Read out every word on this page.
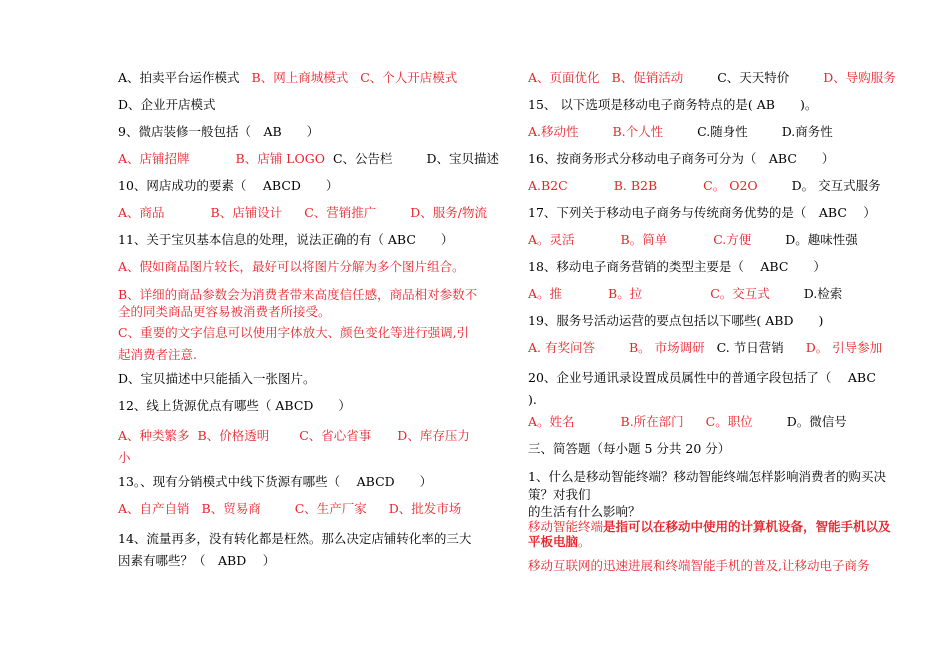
A、拍卖平台运作模式 B、网上商城模式 C、个人开店模式
D、企业开店模式
9、微店装修一般包括（　AB　　）
A、店铺招牌	B、店铺 LOGO C、公告栏	D、宝贝描述
10、网店成功的要素（　 ABCD　　）
A、商品	B、店铺设计 C、营销推广	D、服务/物流
11、关于宝贝基本信息的处理，说法正确的有（ ABC　　）
A、假如商品图片较长，最好可以将图片分解为多个图片组合。
B、详细的商品参数会为消费者带来高度信任感，商品相对参数不全的同类商品更容易被消费者所接受。
C、重要的文字信息可以使用字体放大、颜色变化等进行强调,引起消费者注意.
D、宝贝描述中只能插入一张图片。
12、线上货源优点有哪些（ ABCD　　）
A、种类繁多 B、价格透明 C、省心省事 D、库存压力小
13。、现有分销模式中线下货源有哪些（　 ABCD　　）
A、自产自销 B、贸易商	C、生产厂家 D、批发市场
14、流量再多，没有转化都是枉然。那么决定店铺转化率的三大因素有哪些？（　ABD　 ）
A、页面优化 B、促销活动	C、天天特价	D、导购服务
15、 以下选项是移动电子商务特点的是( AB　　)。
A.移动性	B.个人性	C.随身性	D.商务性
16、按商务形式分移动电子商务可分为（　ABC　　）
A.B2C	B. B2B	C。 O2O	D。 交互式服务
17、下列关于移动电子商务与传统商务优势的是（　ABC　 ）
A。灵活	B。简单	C.方便	D。趣味性强
18、移动电子商务营销的类型主要是（　 ABC　　）
A。推	B。拉	C。交互式	D.检索
19、服务号活动运营的要点包括以下哪些( ABD　　)
A. 有奖问答	B。 市场调研 C. 节日营销 D。 引导参加
20、企业号通讯录设置成员属性中的普通字段包括了（　 ABC　).
A。姓名	B.所在部门 C。职位	D。微信号
三、简答题（每小题 5 分共 20 分）
1、什么是移动智能终端？移动智能终端怎样影响消费者的购买决策？对我们
的生活有什么影响？
移动智能终端是指可以在移动中使用的计算机设备，智能手机以及平板电脑。
移动互联网的迅速进展和终端智能手机的普及,让移动电子商务
